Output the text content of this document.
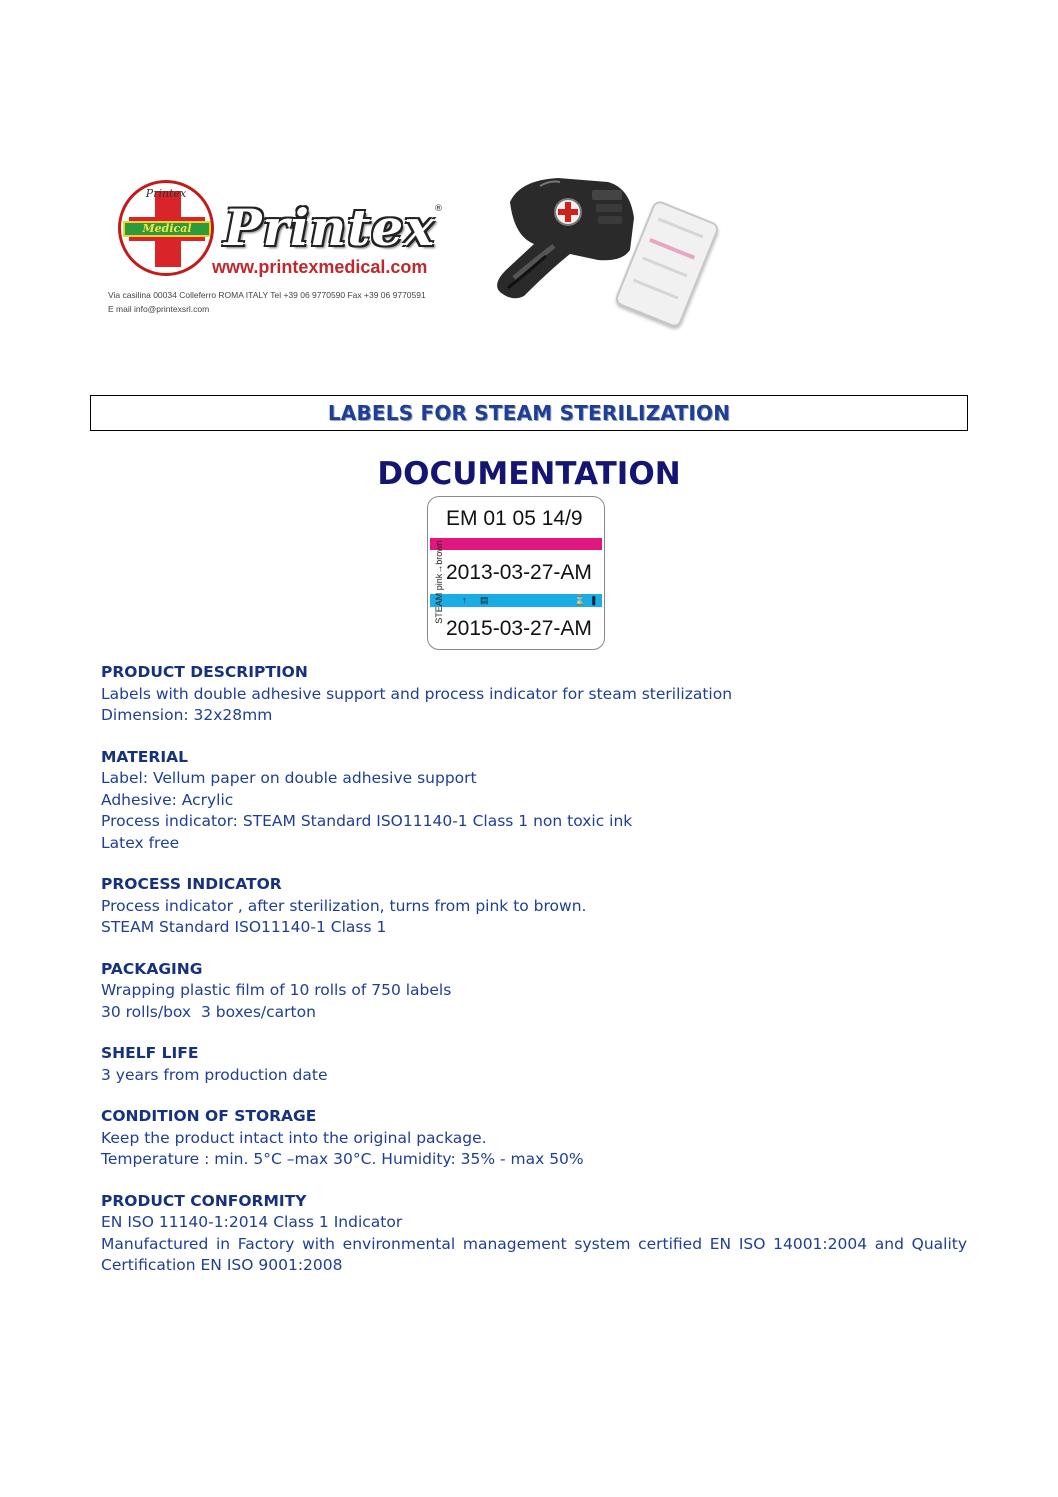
Printex
Medical Printex
®
www.printexmedical.com
Via casilina 00034 Colleferro ROMA ITALY Tel +39 06 9770590 Fax +39 06 9770591
E mail info@printexsrl.com
LABELS FOR STEAM STERILIZATION
DOCUMENTATION
EM 01 05 14/9
2013-03-27-AM
↑ ▤	⌛ ❚
2015-03-27-AM
STEAM pink→brown
PRODUCT DESCRIPTION

Labels with double adhesive support and process indicator for steam sterilization

Dimension: 32x28mm

MATERIAL

Label: Vellum paper on double adhesive support

Adhesive: Acrylic

Process indicator: STEAM Standard ISO11140-1 Class 1 non toxic ink

Latex free

PROCESS INDICATOR

Process indicator , after sterilization, turns from pink to brown.

STEAM Standard ISO11140-1 Class 1

PACKAGING

Wrapping plastic film of 10 rolls of 750 labels

30 rolls/box  3 boxes/carton

SHELF LIFE

3 years from production date

CONDITION OF STORAGE

Keep the product intact into the original package.

Temperature : min. 5°C –max 30°C. Humidity: 35% - max 50%

PRODUCT CONFORMITY

EN ISO 11140-1:2014 Class 1 Indicator

Manufactured in Factory with environmental management system certified EN ISO 14001:2004 and Quality Certification EN ISO 9001:2008
